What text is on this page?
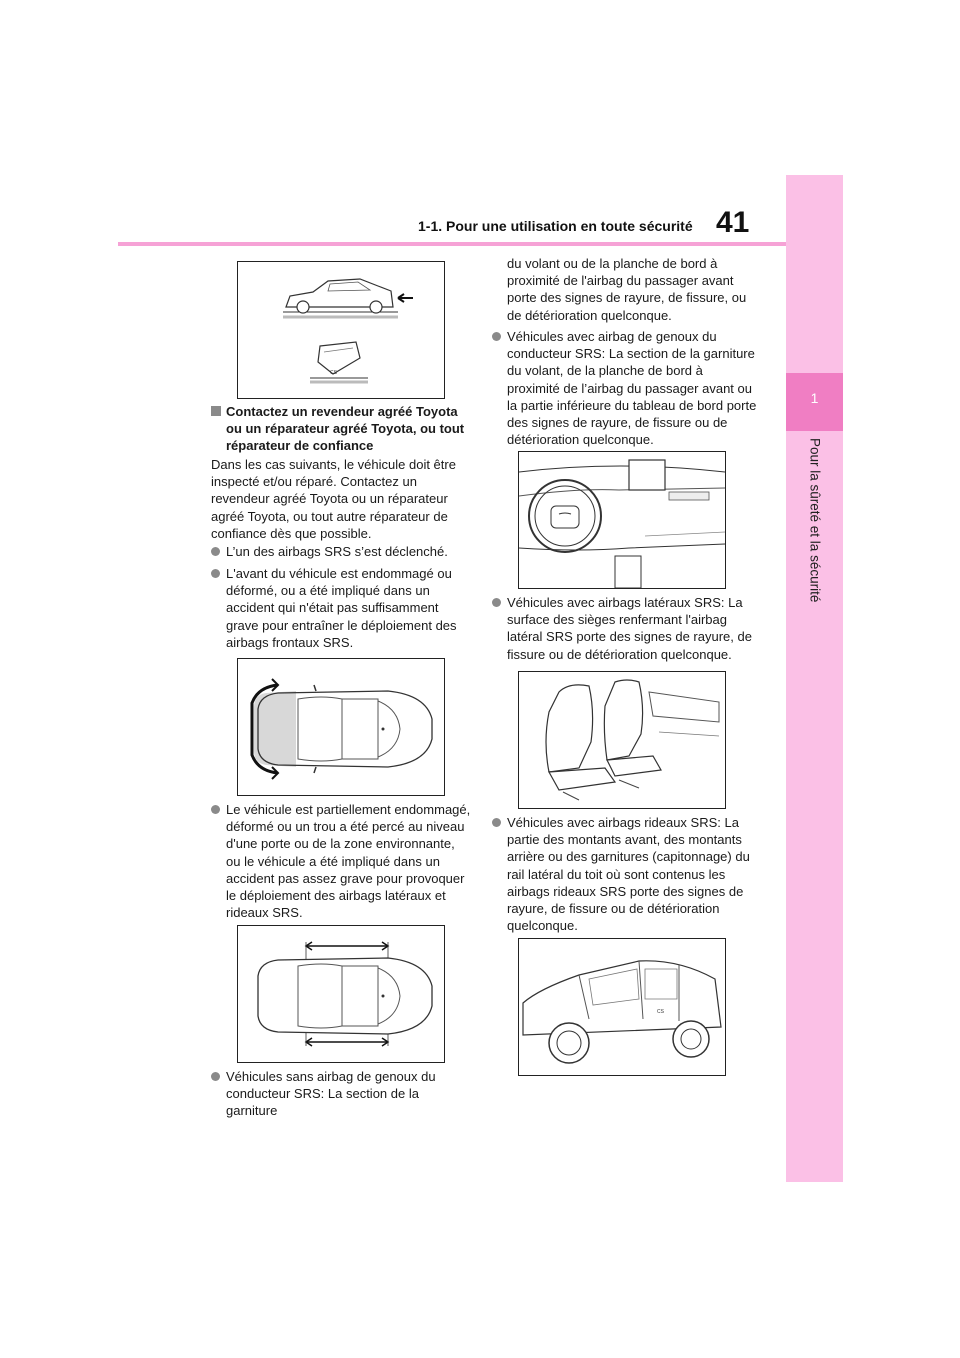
1-1. Pour une utilisation en toute sécurité 41
1
Pour la sûreté et la sécurité
CS
Contactez un revendeur agréé Toyota ou un réparateur agréé Toyota, ou tout réparateur de confiance
Dans les cas suivants, le véhicule doit être inspecté et/ou réparé. Contactez un revendeur agréé Toyota ou un réparateur agréé Toyota, ou tout autre réparateur de confiance dès que possible.
L’un des airbags SRS s’est déclenché.
L'avant du véhicule est endommagé ou déformé, ou a été impliqué dans un accident qui n'était pas suffisamment grave pour entraîner le déploiement des airbags frontaux SRS.
Le véhicule est partiellement endommagé, déformé ou un trou a été percé au niveau d'une porte ou de la zone environnante, ou le véhicule a été impliqué dans un accident pas assez grave pour provoquer le déploiement des airbags latéraux et rideaux SRS.
Véhicules sans airbag de genoux du conducteur SRS: La section de la garniture
du volant ou de la planche de bord à proximité de l'airbag du passager avant porte des signes de rayure, de fissure, ou de détérioration quelconque.
Véhicules avec airbag de genoux du conducteur SRS: La section de la garniture du volant, de la planche de bord à proximité de l’airbag du passager avant ou la partie inférieure du tableau de bord porte des signes de rayure, de fissure ou de détérioration quelconque.
Véhicules avec airbags latéraux SRS: La surface des sièges renfermant l'airbag latéral SRS porte des signes de rayure, de fissure ou de détérioration quelconque.
Véhicules avec airbags rideaux SRS: La partie des montants avant, des montants arrière ou des garnitures (capitonnage) du rail latéral du toit où sont contenus les airbags rideaux SRS porte des signes de rayure, de fissure ou de détérioration quelconque.
CS
